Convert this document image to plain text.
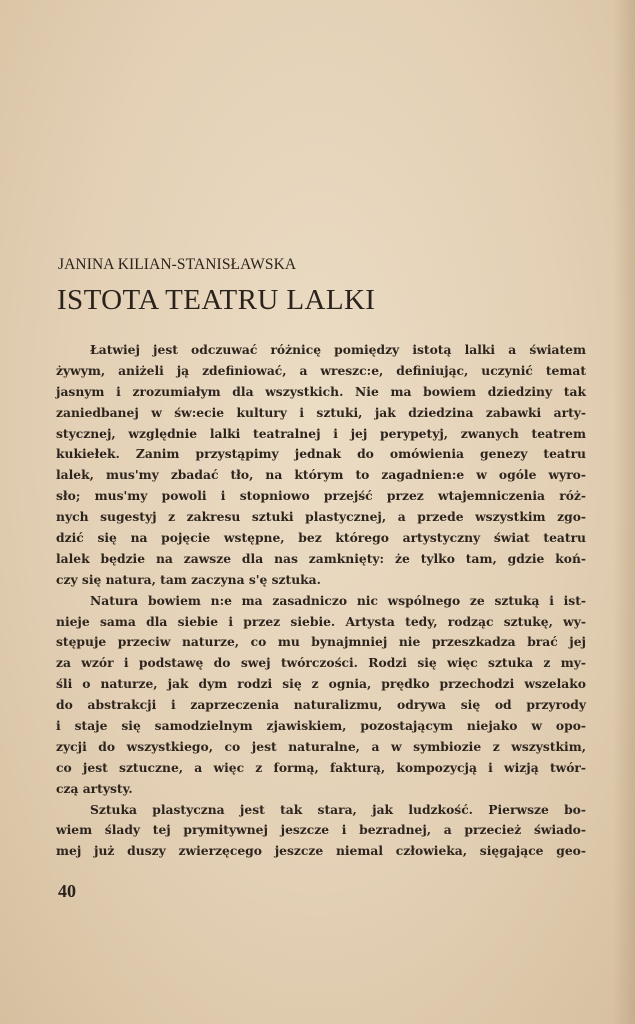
JANINA KILIAN-STANISŁAWSKA
ISTOTA TEATRU LALKI
Łatwiej jest odczuwać różnicę pomiędzy istotą lalki a światem
żywym, aniżeli ją zdefiniować, a wreszc:e, definiując, uczynić temat
jasnym i zrozumiałym dla wszystkich. Nie ma bowiem dziedziny tak
zaniedbanej w św:ecie kultury i sztuki, jak dziedzina zabawki arty-
stycznej, względnie lalki teatralnej i jej perypetyj, zwanych teatrem
kukiełek. Zanim przystąpimy jednak do omówienia genezy teatru
lalek, mus'my zbadać tło, na którym to zagadnien:e w ogóle wyro-
sło; mus'my powoli i stopniowo przejść przez wtajemniczenia róż-
nych sugestyj z zakresu sztuki plastycznej, a przede wszystkim zgo-
dzić się na pojęcie wstępne, bez którego artystyczny świat teatru
lalek będzie na zawsze dla nas zamknięty: że tylko tam, gdzie koń-
czy się natura, tam zaczyna s'ę sztuka.
Natura bowiem n:e ma zasadniczo nic wspólnego ze sztuką i ist-
nieje sama dla siebie i przez siebie. Artysta tedy, rodząc sztukę, wy-
stępuje przeciw naturze, co mu bynajmniej nie przeszkadza brać jej
za wzór i podstawę do swej twórczości. Rodzi się więc sztuka z my-
śli o naturze, jak dym rodzi się z ognia, prędko przechodzi wszelako
do abstrakcji i zaprzeczenia naturalizmu, odrywa się od przyrody
i staje się samodzielnym zjawiskiem, pozostającym niejako w opo-
zycji do wszystkiego, co jest naturalne, a w symbiozie z wszystkim,
co jest sztuczne, a więc z formą, fakturą, kompozycją i wizją twór-
czą artysty.
Sztuka plastyczna jest tak stara, jak ludzkość. Pierwsze bo-
wiem ślady tej prymitywnej jeszcze i bezradnej, a przecież świado-
mej już duszy zwierzęcego jeszcze niemal człowieka, sięgające geo-
40
